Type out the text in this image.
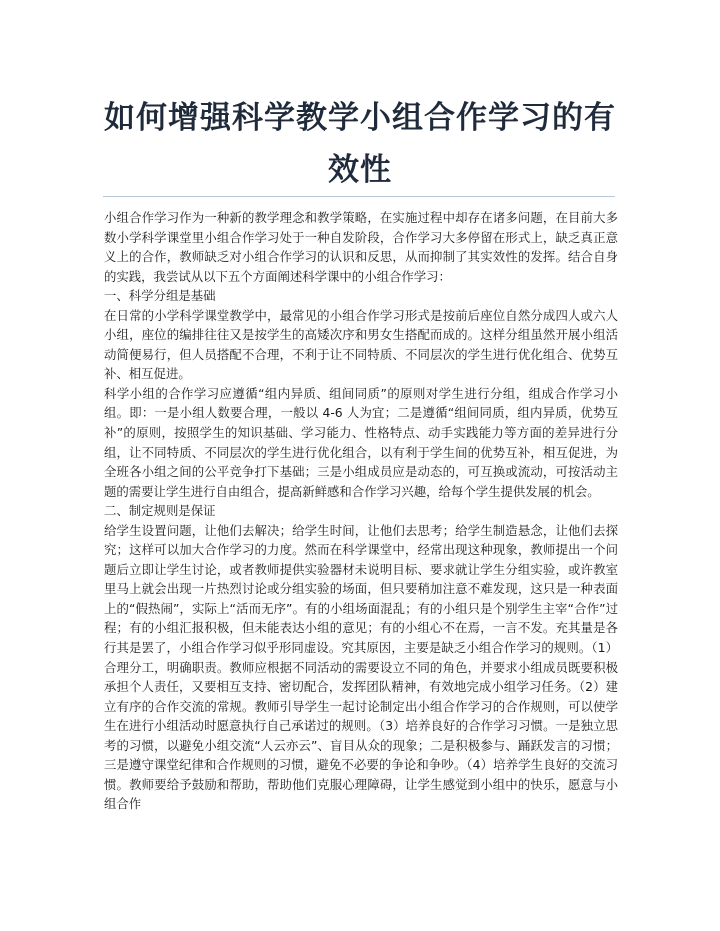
如何增强科学教学小组合作学习的有
效性

小组合作学习作为一种新的教学理念和教学策略，在实施过程中却存在诸多问题，在目前大多数小学科学课堂里小组合作学习处于一种自发阶段，合作学习大多停留在形式上，缺乏真正意义上的合作，教师缺乏对小组合作学习的认识和反思，从而抑制了其实效性的发挥。结合自身的实践，我尝试从以下五个方面阐述科学课中的小组合作学习：

一、科学分组是基础

在日常的小学科学课堂教学中，最常见的小组合作学习形式是按前后座位自然分成四人或六人小组，座位的编排往往又是按学生的高矮次序和男女生搭配而成的。这样分组虽然开展小组活动简便易行，但人员搭配不合理，不利于让不同特质、不同层次的学生进行优化组合、优势互补、相互促进。

科学小组的合作学习应遵循“组内异质、组间同质”的原则对学生进行分组，组成合作学习小组。即：一是小组人数要合理，一般以 4-6 人为宜；二是遵循“组间同质，组内异质，优势互补”的原则，按照学生的知识基础、学习能力、性格特点、动手实践能力等方面的差异进行分组，让不同特质、不同层次的学生进行优化组合，以有利于学生间的优势互补，相互促进，为全班各小组之间的公平竞争打下基础；三是小组成员应是动态的，可互换或流动，可按活动主题的需要让学生进行自由组合，提高新鲜感和合作学习兴趣，给每个学生提供发展的机会。

二、制定规则是保证

给学生设置问题，让他们去解决；给学生时间，让他们去思考；给学生制造悬念，让他们去探究；这样可以加大合作学习的力度。然而在科学课堂中，经常出现这种现象，教师提出一个问题后立即让学生讨论，或者教师提供实验器材未说明目标、要求就让学生分组实验，或许教室里马上就会出现一片热烈讨论或分组实验的场面，但只要稍加注意不难发现，这只是一种表面上的“假热闹”，实际上“活而无序”。有的小组场面混乱；有的小组只是个别学生主宰“合作”过程；有的小组汇报积极，但未能表达小组的意见；有的小组心不在焉，一言不发。充其量是各行其是罢了，小组合作学习似乎形同虚设。究其原因，主要是缺乏小组合作学习的规则。（1）合理分工，明确职责。教师应根据不同活动的需要设立不同的角色，并要求小组成员既要积极承担个人责任，又要相互支持、密切配合，发挥团队精神，有效地完成小组学习任务。（2）建立有序的合作交流的常规。教师引导学生一起讨论制定出小组合作学习的合作规则，可以使学生在进行小组活动时愿意执行自己承诺过的规则。（3）培养良好的合作学习习惯。一是独立思考的习惯，以避免小组交流“人云亦云”、盲目从众的现象；二是积极参与、踊跃发言的习惯；三是遵守课堂纪律和合作规则的习惯，避免不必要的争论和争吵。（4）培养学生良好的交流习惯。教师要给予鼓励和帮助，帮助他们克服心理障碍，让学生感觉到小组中的快乐，愿意与小组合作
